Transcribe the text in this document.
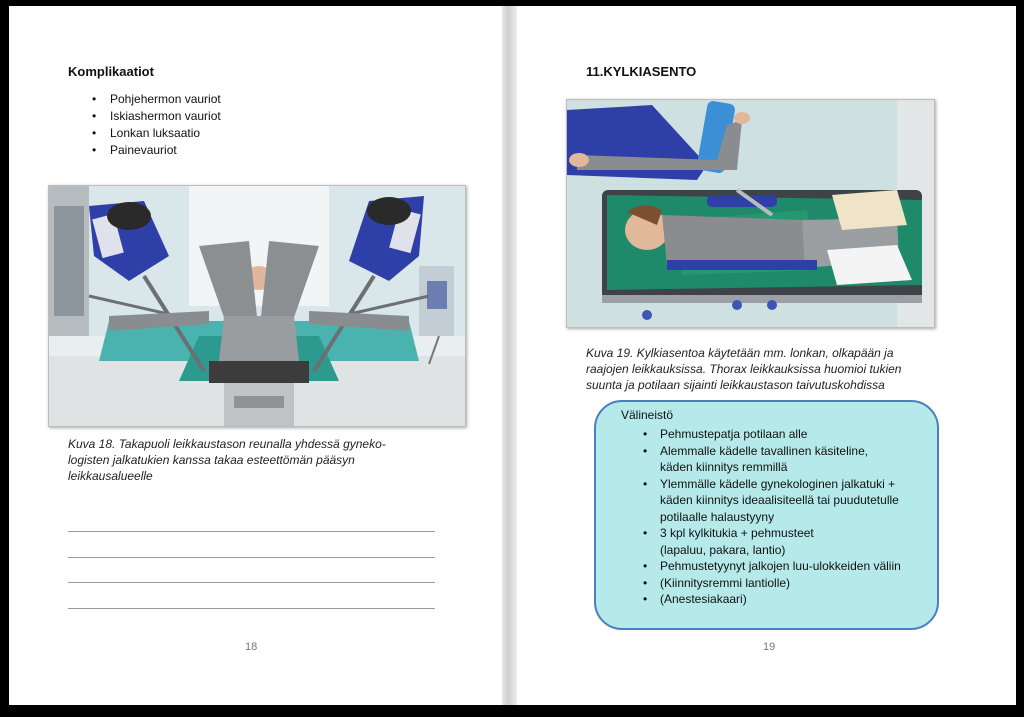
Komplikaatiot
• Pohjehermon vauriot
• Iskiashermon vauriot
• Lonkan luksaatio
• Painevauriot

Kuva 18. Takapuoli leikkaustason reunalla yhdessä gyneko-
logisten jalkatukien kanssa takaa esteettömän pääsyn
leikkausalueelle

18
11.KYLKIASENTO

Kuva 19. Kylkiasentoa käytetään mm. lonkan, olkapään ja
raajojen leikkauksissa. Thorax leikkauksissa huomioi tukien
suunta ja potilaan sijainti leikkaustason taivutuskohdissa

Välineistö
• Pehmustepatja potilaan alle
• Alemmalle kädelle tavallinen käsiteline,
käden kiinnitys remmillä
• Ylemmälle kädelle gynekologinen jalkatuki +
käden kiinnitys ideaalisiteellä tai puudutetulle
potilaalle halaustyyny
• 3 kpl kylkitukia + pehmusteet
(lapaluu, pakara, lantio)
• Pehmustetyynyt jalkojen luu-ulokkeiden väliin
• (Kiinnitysremmi lantiolle)
• (Anestesiakaari)
19
